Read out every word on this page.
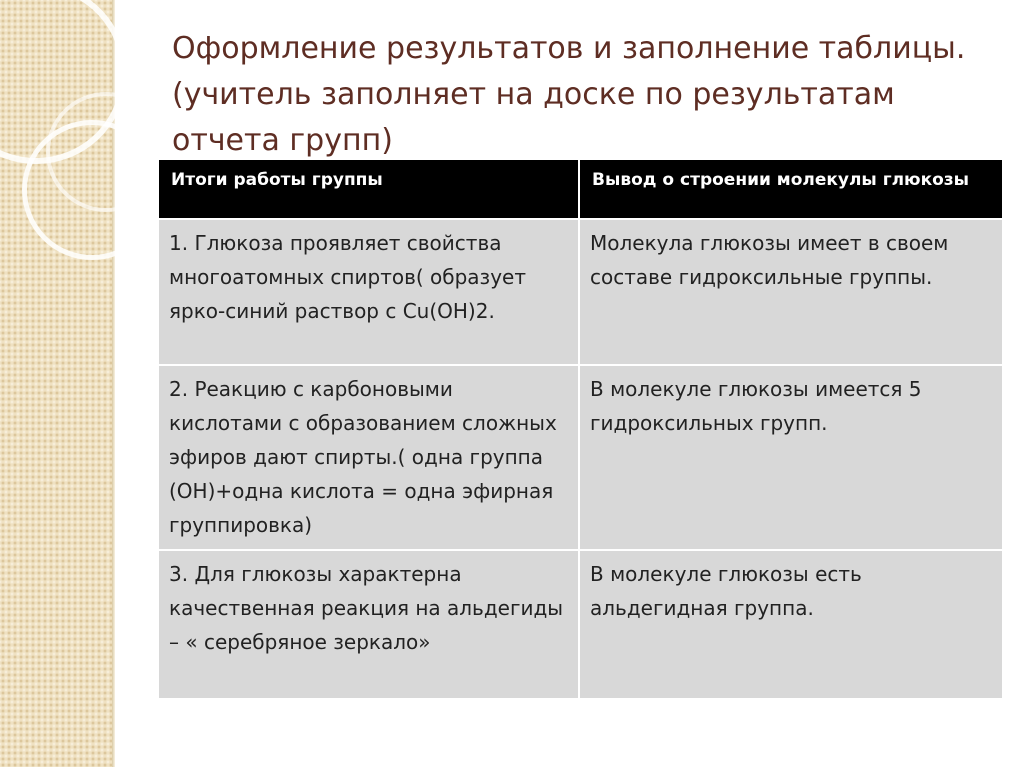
Оформление результатов и заполнение таблицы.(учитель заполняет на доске по результатам отчета групп)
Итоги работы группы	Вывод о строении молекулы глюкозы
1. Глюкоза проявляет свойства многоатомных спиртов( образует ярко-синий раствор с Cu(OH)2.	Молекула глюкозы имеет в своем составе гидроксильные группы.
2. Реакцию с карбоновыми кислотами с образованием сложных эфиров дают спирты.( одна группа (ОН)+одна кислота = одна эфирная группировка)	В молекуле глюкозы имеется 5 гидроксильных групп.
3. Для глюкозы характерна качественная реакция на альдегиды – « серебряное зеркало»	В молекуле глюкозы есть альдегидная группа.
